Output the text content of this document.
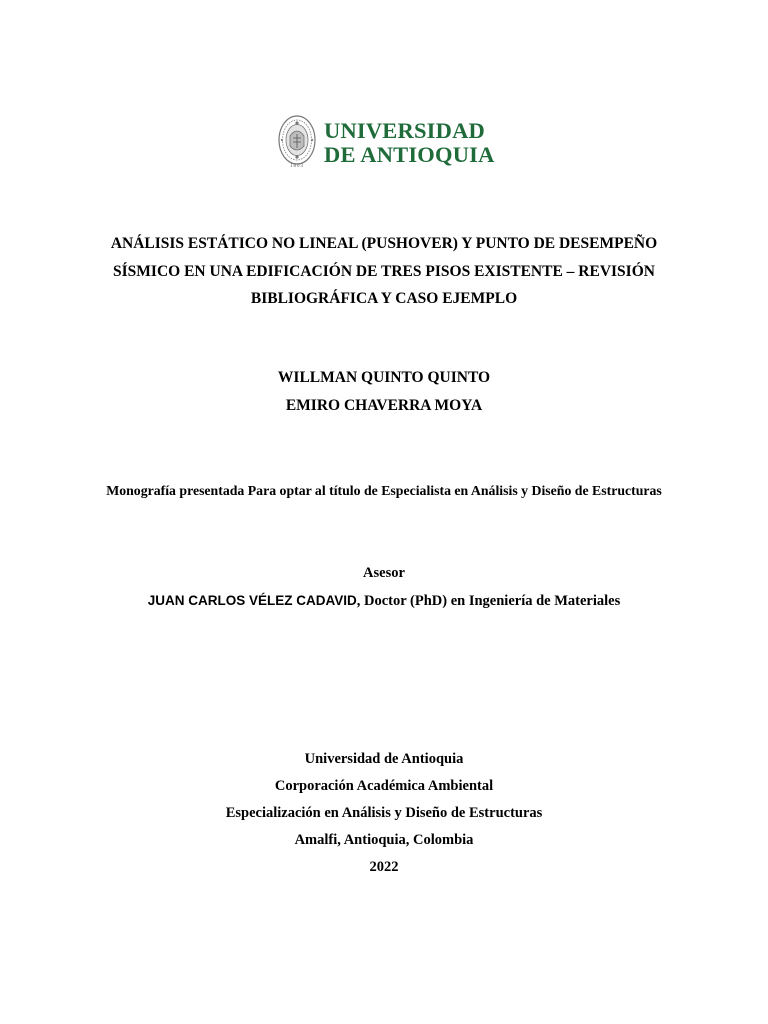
1803
UNIVERSIDAD
DE ANTIOQUIA
ANÁLISIS ESTÁTICO NO LINEAL (PUSHOVER) Y PUNTO DE DESEMPEÑO
SÍSMICO EN UNA EDIFICACIÓN DE TRES PISOS EXISTENTE – REVISIÓN
BIBLIOGRÁFICA Y CASO EJEMPLO
WILLMAN QUINTO QUINTO
EMIRO CHAVERRA MOYA
Monografía presentada Para optar al título de Especialista en Análisis y Diseño de Estructuras
Asesor
JUAN CARLOS VÉLEZ CADAVID, Doctor (PhD) en Ingeniería de Materiales
Universidad de Antioquia
Corporación Académica Ambiental
Especialización en Análisis y Diseño de Estructuras
Amalfi, Antioquia, Colombia
2022
